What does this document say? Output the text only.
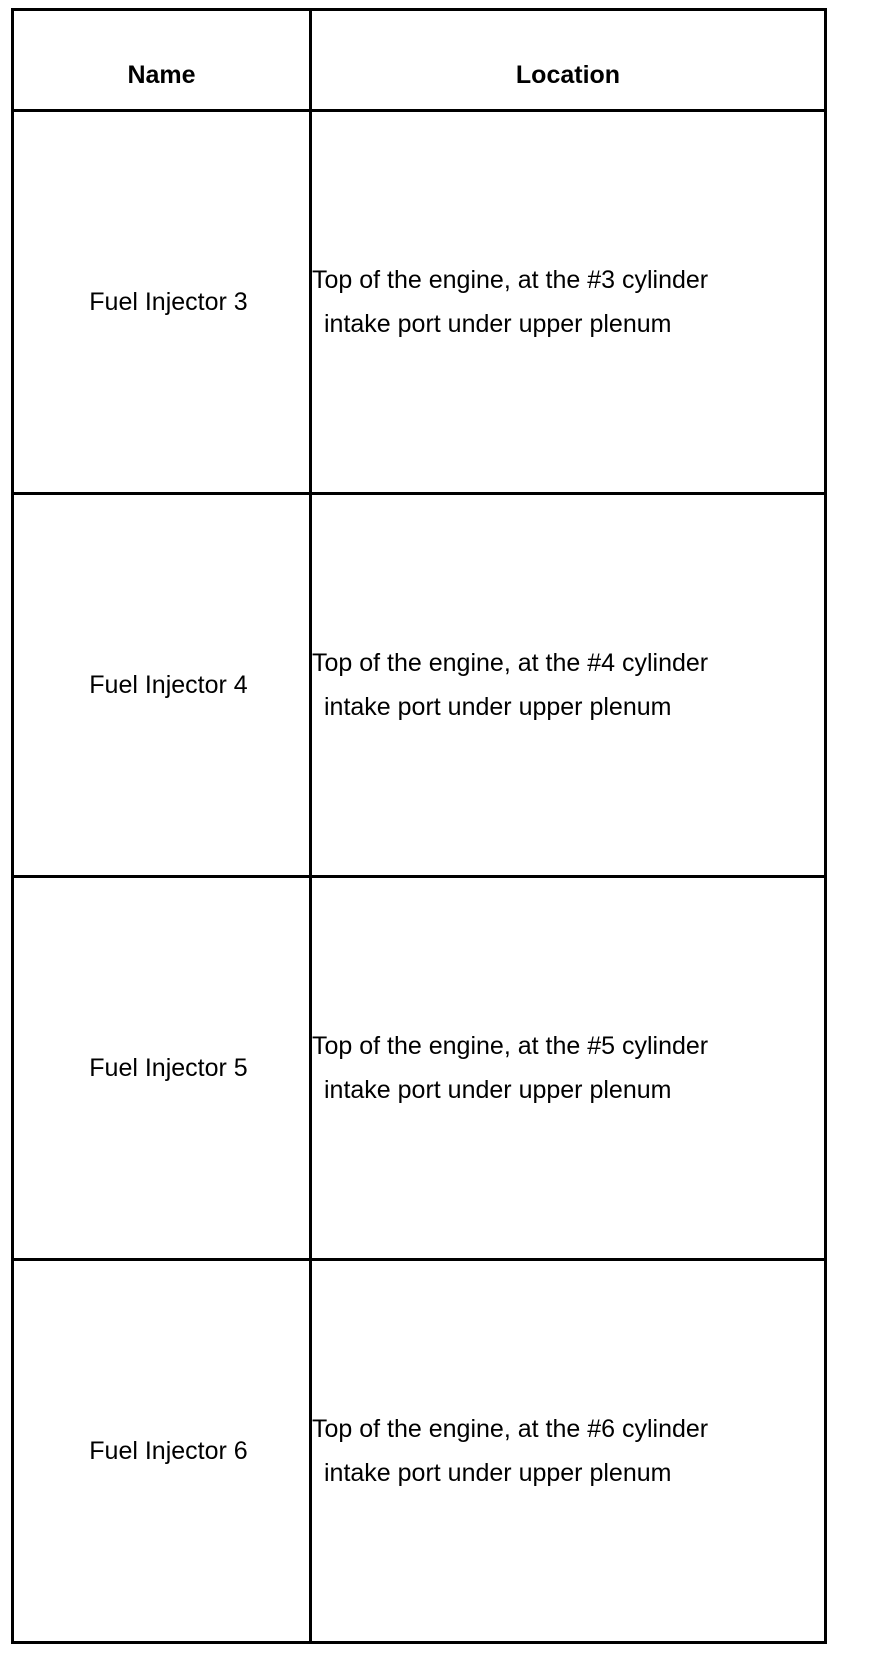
Name	Location
Fuel Injector 3	Top of the engine, at the #3 cylinder
intake port under upper plenum

Fuel Injector 4	Top of the engine, at the #4 cylinder
intake port under upper plenum

Fuel Injector 5	Top of the engine, at the #5 cylinder
intake port under upper plenum

Fuel Injector 6	Top of the engine, at the #6 cylinder
intake port under upper plenum
